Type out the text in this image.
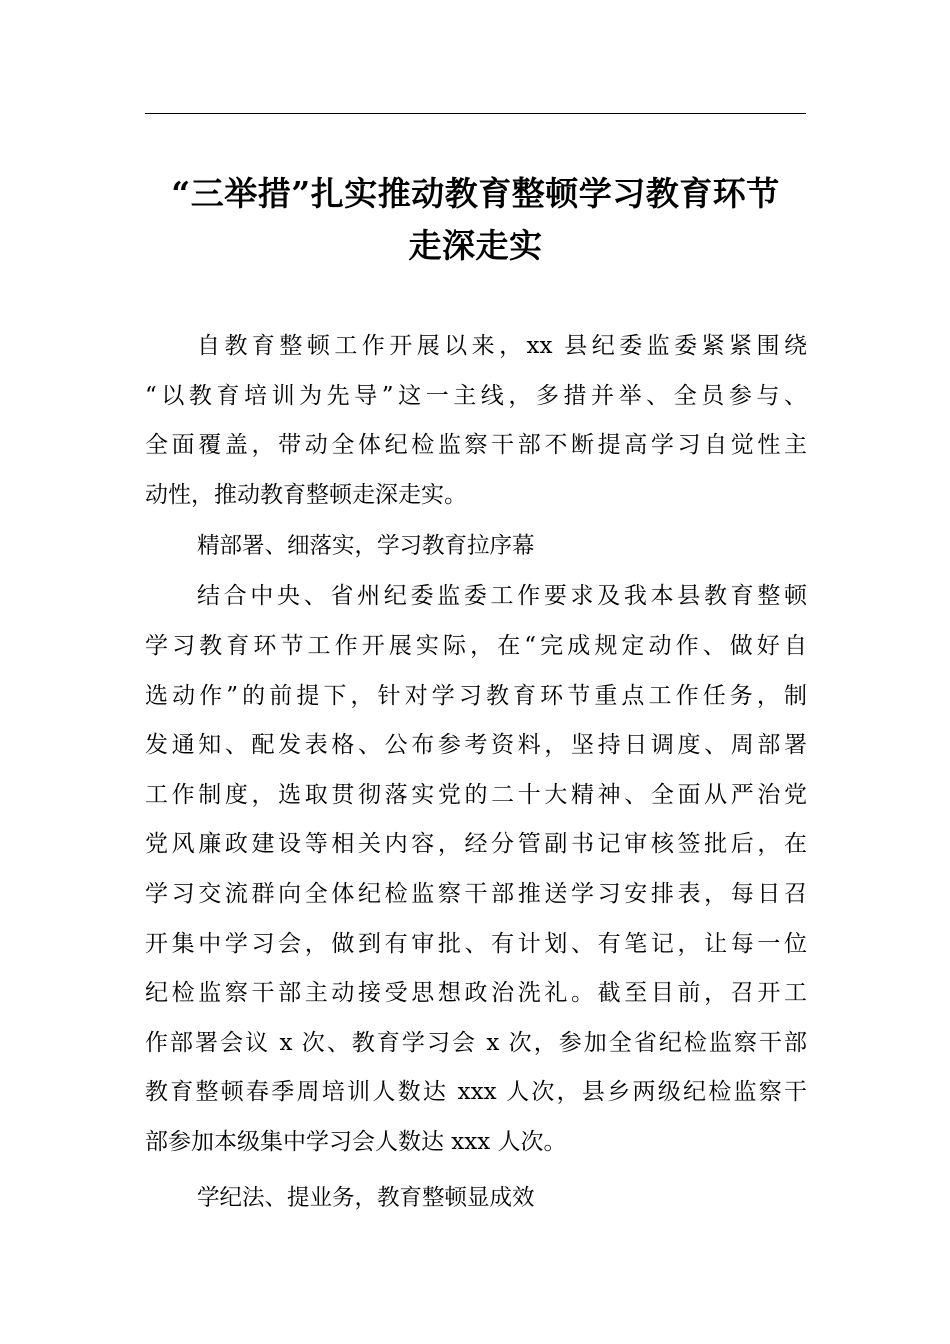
“三举措”扎实推动教育整顿学习教育环节
走深走实
自教育整顿工作开展以来，xx 县纪委监委紧紧围绕
“以教育培训为先导”这一主线，多措并举、全员参与、
全面覆盖，带动全体纪检监察干部不断提高学习自觉性主
动性，推动教育整顿走深走实。
精部署、细落实，学习教育拉序幕
结合中央、省州纪委监委工作要求及我本县教育整顿
学习教育环节工作开展实际，在“完成规定动作、做好自
选动作”的前提下，针对学习教育环节重点工作任务，制
发通知、配发表格、公布参考资料，坚持日调度、周部署
工作制度，选取贯彻落实党的二十大精神、全面从严治党
党风廉政建设等相关内容，经分管副书记审核签批后，在
学习交流群向全体纪检监察干部推送学习安排表，每日召
开集中学习会，做到有审批、有计划、有笔记，让每一位
纪检监察干部主动接受思想政治洗礼。截至目前，召开工
作部署会议 x 次、教育学习会 x 次，参加全省纪检监察干部
教育整顿春季周培训人数达 xxx 人次，县乡两级纪检监察干
部参加本级集中学习会人数达 xxx 人次。
学纪法、提业务，教育整顿显成效
